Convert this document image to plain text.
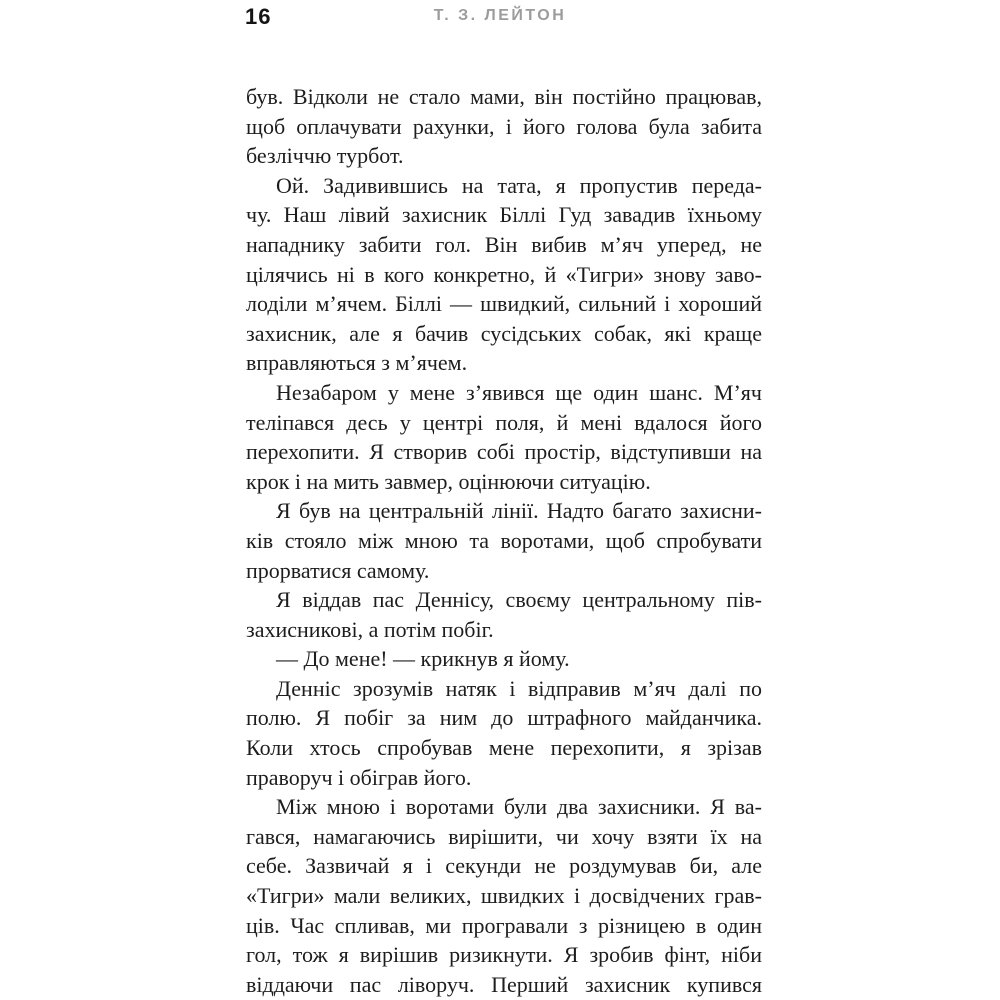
16	Т. З. ЛЕЙТОН
був. Відколи не стало мами, він постійно працював,
щоб оплачувати рахунки, і його голова була забита
безліччю турбот.
Ой. Задивившись на тата, я пропустив переда-
чу. Наш лівий захисник Біллі Гуд завадив їхньому
нападнику забити гол. Він вибив м’яч уперед, не
цілячись ні в кого конкретно, й «Тигри» знову заво-
лоділи м’ячем. Біллі — швидкий, сильний і хороший
захисник, але я бачив сусідських собак, які краще
вправляються з м’ячем.
Незабаром у мене з’явився ще один шанс. М’яч
теліпався десь у центрі поля, й мені вдалося його
перехопити. Я створив собі простір, відступивши на
крок і на мить завмер, оцінюючи ситуацію.
Я був на центральній лінії. Надто багато захисни-
ків стояло між мною та воротами, щоб спробувати
прорватися самому.
Я віддав пас Деннісу, своєму центральному пів-
захисникові, а потім побіг.
— До мене! — крикнув я йому.
Денніс зрозумів натяк і відправив м’яч далі по
полю. Я побіг за ним до штрафного майданчика.
Коли хтось спробував мене перехопити, я зрізав
праворуч і обіграв його.
Між мною і воротами були два захисники. Я ва-
гався, намагаючись вирішити, чи хочу взяти їх на
себе. Зазвичай я і секунди не роздумував би, але
«Тигри» мали великих, швидких і досвідчених грав-
ців. Час спливав, ми програвали з різницею в один
гол, тож я вирішив ризикнути. Я зробив фінт, ніби
віддаючи пас ліворуч. Перший захисник купився
